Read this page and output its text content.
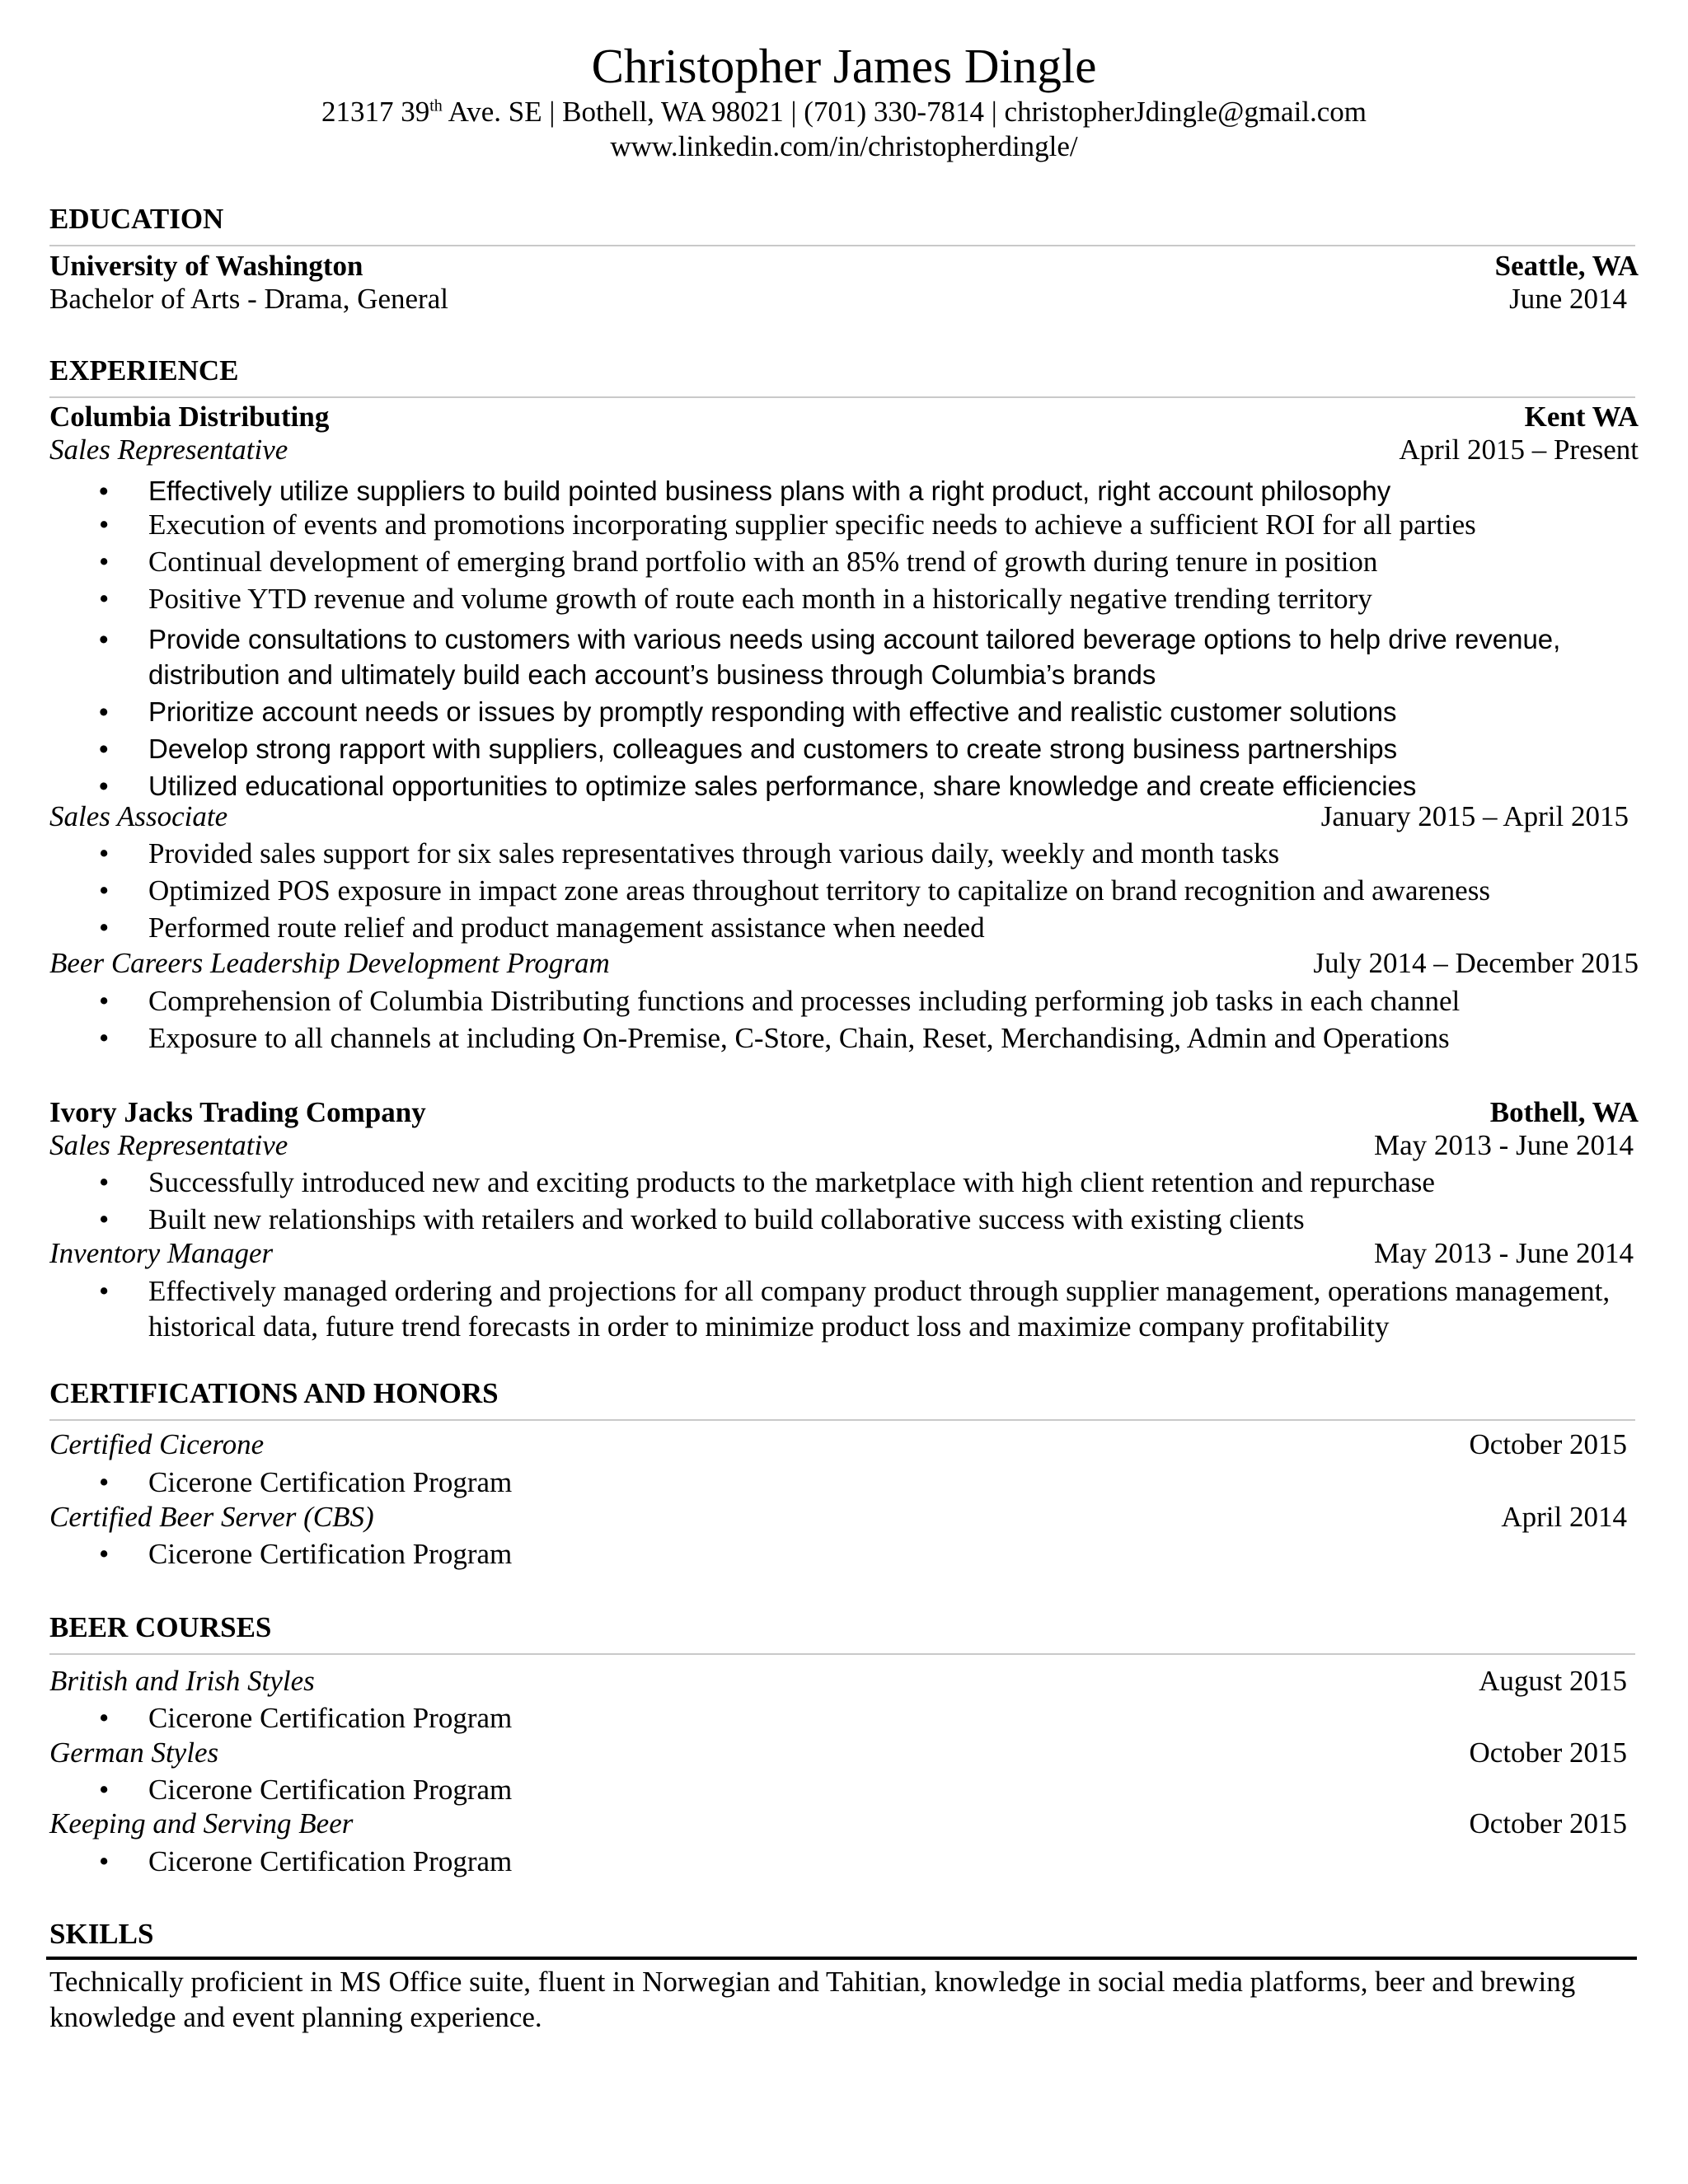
Christopher James Dingle
21317 39th Ave. SE | Bothell, WA 98021 | (701) 330-7814 | christopherJdingle@gmail.com
www.linkedin.com/in/christopherdingle/
EDUCATION
University of Washington	Seattle, WA
Bachelor of Arts - Drama, General	June 2014
EXPERIENCE
Columbia Distributing	Kent WA
Sales Representative	April 2015 – Present
•	Effectively utilize suppliers to build pointed business plans with a right product, right account philosophy
•	Execution of events and promotions incorporating supplier specific needs to achieve a sufficient ROI for all parties
•	Continual development of emerging brand portfolio with an 85% trend of growth during tenure in position
•	Positive YTD revenue and volume growth of route each month in a historically negative trending territory
•	Provide consultations to customers with various needs using account tailored beverage options to help drive revenue, distribution and ultimately build each account’s business through Columbia’s brands
•	Prioritize account needs or issues by promptly responding with effective and realistic customer solutions
•	Develop strong rapport with suppliers, colleagues and customers to create strong business partnerships
•	Utilized educational opportunities to optimize sales performance, share knowledge and create efficiencies
Sales Associate	January 2015 – April 2015
•	Provided sales support for six sales representatives through various daily, weekly and month tasks
•	Optimized POS exposure in impact zone areas throughout territory to capitalize on brand recognition and awareness
•	Performed route relief and product management assistance when needed
Beer Careers Leadership Development Program	July 2014 – December 2015
•	Comprehension of Columbia Distributing functions and processes including performing job tasks in each channel
•	Exposure to all channels at including On-Premise, C-Store, Chain, Reset, Merchandising, Admin and Operations
Ivory Jacks Trading Company	Bothell, WA
Sales Representative	May 2013 - June 2014
•	Successfully introduced new and exciting products to the marketplace with high client retention and repurchase
•	Built new relationships with retailers and worked to build collaborative success with existing clients
Inventory Manager	May 2013 - June 2014
•	Effectively managed ordering and projections for all company product through supplier management, operations management, historical data, future trend forecasts in order to minimize product loss and maximize company profitability
CERTIFICATIONS AND HONORS
Certified Cicerone	October 2015
•	Cicerone Certification Program
Certified Beer Server (CBS)	April 2014
•	Cicerone Certification Program
BEER COURSES
British and Irish Styles	August 2015
•	Cicerone Certification Program
German Styles	October 2015
•	Cicerone Certification Program
Keeping and Serving Beer	October 2015
•	Cicerone Certification Program
SKILLS
Technically proficient in MS Office suite, fluent in Norwegian and Tahitian, knowledge in social media platforms, beer and brewing knowledge and event planning experience.
